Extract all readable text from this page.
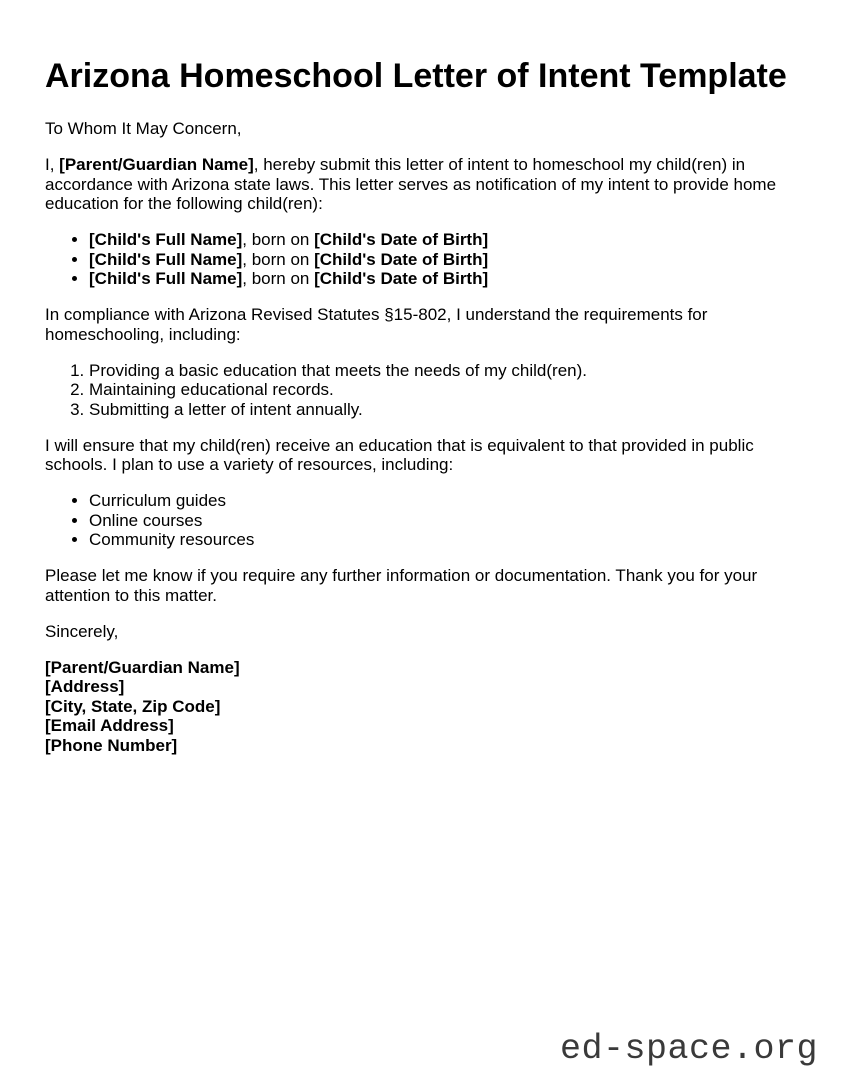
Arizona Homeschool Letter of Intent Template

To Whom It May Concern,

I, [Parent/Guardian Name], hereby submit this letter of intent to homeschool my child(ren) in accordance with Arizona state laws. This letter serves as notification of my intent to provide home education for the following child(ren):

• [Child's Full Name], born on [Child's Date of Birth]
• [Child's Full Name], born on [Child's Date of Birth]
• [Child's Full Name], born on [Child's Date of Birth]

In compliance with Arizona Revised Statutes §15-802, I understand the requirements for homeschooling, including:

1. Providing a basic education that meets the needs of my child(ren).
2. Maintaining educational records.
3. Submitting a letter of intent annually.

I will ensure that my child(ren) receive an education that is equivalent to that provided in public schools. I plan to use a variety of resources, including:

• Curriculum guides
• Online courses
• Community resources

Please let me know if you require any further information or documentation. Thank you for your attention to this matter.

Sincerely,

[Parent/Guardian Name]
[Address]
[City, State, Zip Code]
[Email Address]
[Phone Number]
ed-space.org
